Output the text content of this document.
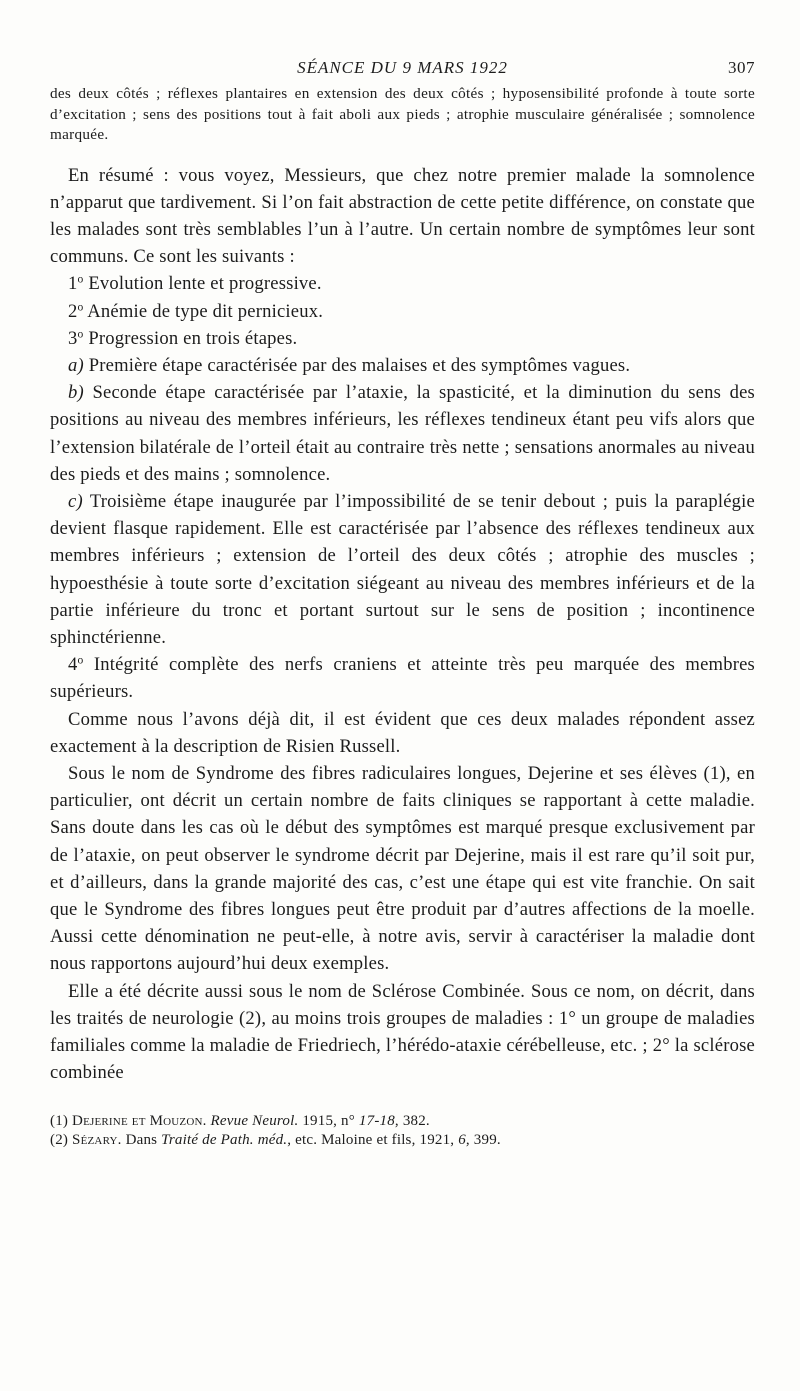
SÉANCE DU 9 MARS 1922	307

des deux côtés ; réflexes plantaires en extension des deux côtés ; hyposensibilité profonde à toute sorte d’excitation ; sens des positions tout à fait aboli aux pieds ; atrophie musculaire généralisée ; somnolence marquée.

En résumé : vous voyez, Messieurs, que chez notre premier malade la somnolence n’apparut que tardivement. Si l’on fait abstraction de cette petite différence, on constate que les malades sont très semblables l’un à l’autre. Un certain nombre de symptômes leur sont communs. Ce sont les suivants :

1$^o$ Evolution lente et progressive.

2$^o$ Anémie de type dit pernicieux.

3$^o$ Progression en trois étapes.

a) Première étape caractérisée par des malaises et des symptômes vagues.

b) Seconde étape caractérisée par l’ataxie, la spasticité, et la diminution du sens des positions au niveau des membres inférieurs, les réflexes tendineux étant peu vifs alors que l’extension bilatérale de l’orteil était au contraire très nette ; sensations anormales au niveau des pieds et des mains ; somnolence.

c) Troisième étape inaugurée par l’impossibilité de se tenir debout ; puis la paraplégie devient flasque rapidement. Elle est caractérisée par l’absence des réflexes tendineux aux membres inférieurs ; extension de l’orteil des deux côtés ; atrophie des muscles ; hypoesthésie à toute sorte d’excitation siégeant au niveau des membres inférieurs et de la partie inférieure du tronc et portant surtout sur le sens de position ; incontinence sphinctérienne.

4$^o$ Intégrité complète des nerfs craniens et atteinte très peu marquée des membres supérieurs.

Comme nous l’avons déjà dit, il est évident que ces deux malades répondent assez exactement à la description de Risien Russell.

Sous le nom de Syndrome des fibres radiculaires longues, Dejerine et ses élèves (1), en particulier, ont décrit un certain nombre de faits cliniques se rapportant à cette maladie. Sans doute dans les cas où le début des symptômes est marqué presque exclusivement par de l’ataxie, on peut observer le syndrome décrit par Dejerine, mais il est rare qu’il soit pur, et d’ailleurs, dans la grande majorité des cas, c’est une étape qui est vite franchie. On sait que le Syndrome des fibres longues peut être produit par d’autres affections de la moelle. Aussi cette dénomination ne peut-elle, à notre avis, servir à caractériser la maladie dont nous rapportons aujourd’hui deux exemples.

Elle a été décrite aussi sous le nom de Sclérose Combinée. Sous ce nom, on décrit, dans les traités de neurologie (2), au moins trois groupes de maladies : 1° un groupe de maladies familiales comme la maladie de Friedriech, l’hérédo-ataxie cérébelleuse, etc. ; 2° la sclérose combinée

(1) Dejerine et Mouzon. Revue Neurol. 1915, n° 17-18, 382.

(2) Sézary. Dans Traité de Path. méd., etc. Maloine et fils, 1921, 6, 399.
